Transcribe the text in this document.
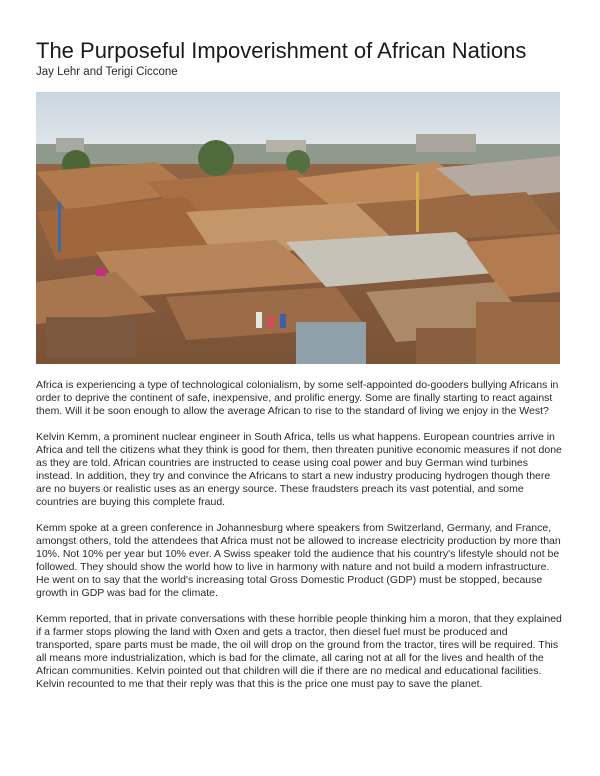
The Purposeful Impoverishment of African Nations

Jay Lehr and Terigi Ciccone

Africa is experiencing a type of technological colonialism, by some self-appointed do-gooders bullying Africans in order to deprive the continent of safe, inexpensive, and prolific energy. Some are finally starting to react against them. Will it be soon enough to allow the average African to rise to the standard of living we enjoy in the West?

Kelvin Kemm, a prominent nuclear engineer in South Africa, tells us what happens. European countries arrive in Africa and tell the citizens what they think is good for them, then threaten punitive economic measures if not done as they are told. African countries are instructed to cease using coal power and buy German wind turbines instead. In addition, they try and convince the Africans to start a new industry producing hydrogen though there are no buyers or realistic uses as an energy source. These fraudsters preach its vast potential, and some countries are buying this complete fraud.

Kemm spoke at a green conference in Johannesburg where speakers from Switzerland, Germany, and France, amongst others, told the attendees that Africa must not be allowed to increase electricity production by more than 10%. Not 10% per year but 10% ever. A Swiss speaker told the audience that his country's lifestyle should not be followed. They should show the world how to live in harmony with nature and not build a modern infrastructure. He went on to say that the world's increasing total Gross Domestic Product (GDP) must be stopped, because growth in GDP was bad for the climate.

Kemm reported, that in private conversations with these horrible people thinking him a moron, that they explained if a farmer stops plowing the land with Oxen and gets a tractor, then diesel fuel must be produced and transported, spare parts must be made, the oil will drop on the ground from the tractor, tires will be required. This all means more industrialization, which is bad for the climate, all caring not at all for the lives and health of the African communities. Kelvin pointed out that children will die if there are no medical and educational facilities. Kelvin recounted to me that their reply was that this is the price one must pay to save the planet.
